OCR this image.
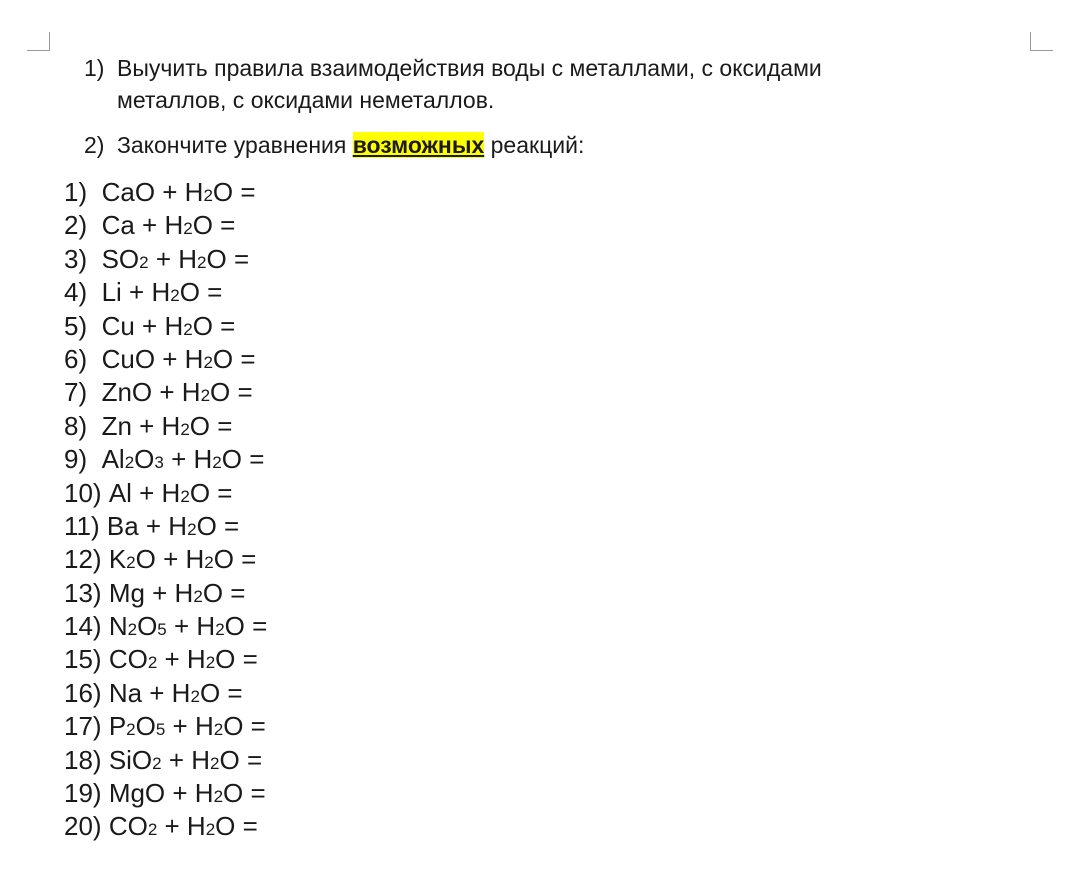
1) Выучить правила взаимодействия воды с металлами, с оксидами
металлов, с оксидами неметаллов.
2) Закончите уравнения возможных реакций:
1) CaO + H2O =
2) Ca + H2O =
3) SO2 + H2O =
4) Li + H2O =
5) Cu + H2O =
6) CuO + H2O =
7) ZnO + H2O =
8) Zn + H2O =
9) Al2O3 + H2O =
10) Al + H2O =
11) Ba + H2O =
12) K2O + H2O =
13) Mg + H2O =
14) N2O5 + H2O =
15) CO2 + H2O =
16) Na + H2O =
17) P2O5 + H2O =
18) SiO2 + H2O =
19) MgO + H2O =
20) CO2 + H2O =
